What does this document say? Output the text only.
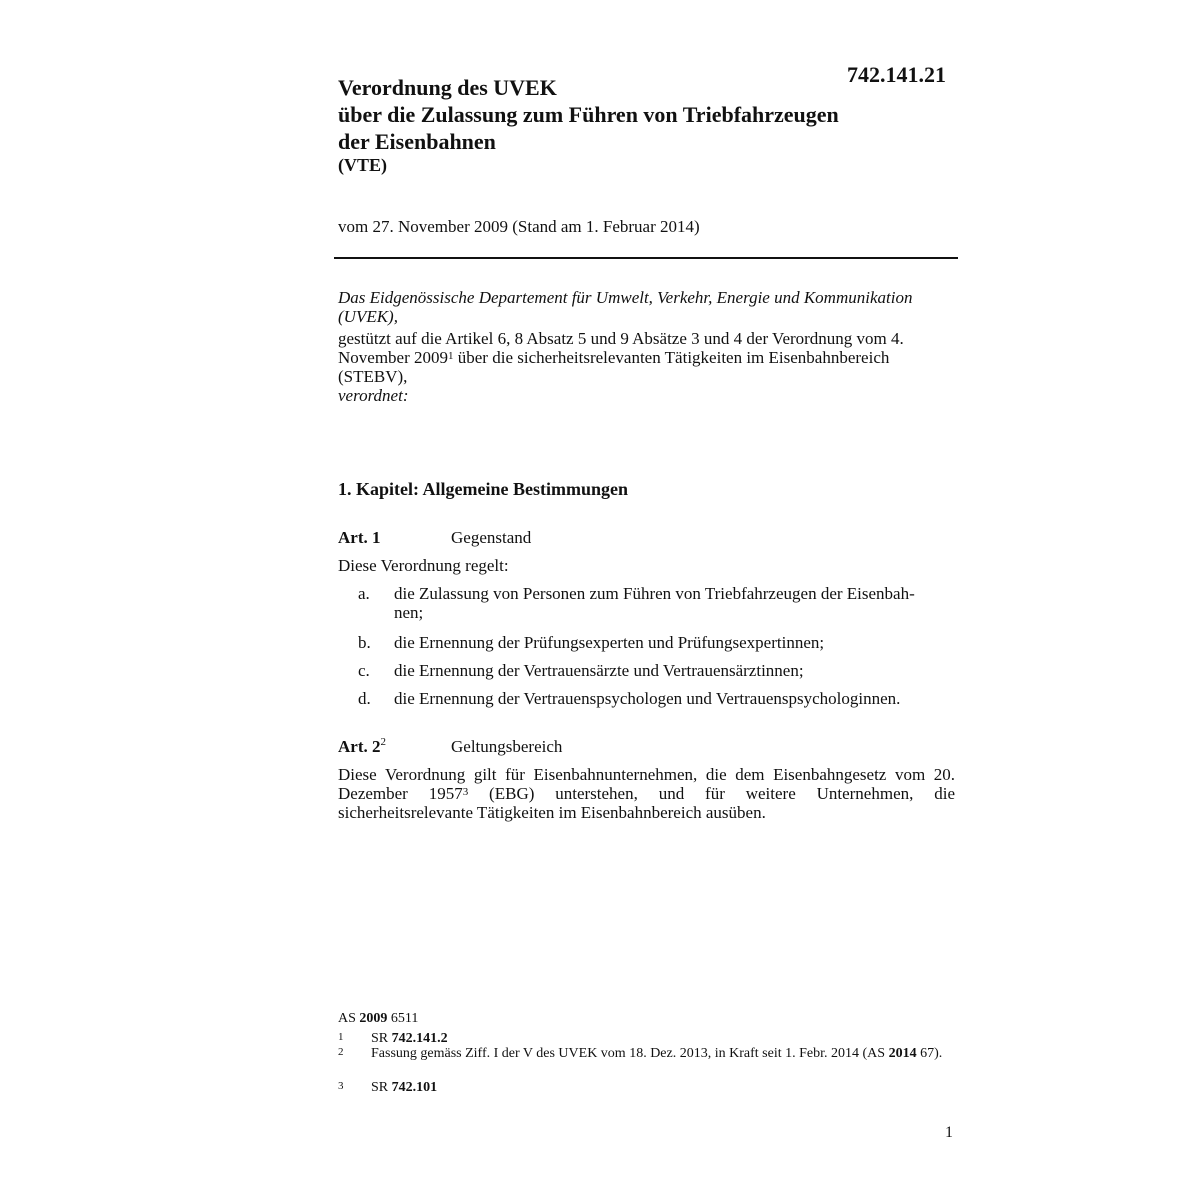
742.141.21
Verordnung des UVEK
über die Zulassung zum Führen von Triebfahrzeugen
der Eisenbahnen
(VTE)
vom 27. November 2009 (Stand am 1. Februar 2014)

Das Eidgenössische Departement für Umwelt, Verkehr, Energie und Kommunikation (UVEK),

gestützt auf die Artikel 6, 8 Absatz 5 und 9 Absätze 3 und 4 der Verordnung vom 4. November 2009$^1$ über die sicherheitsrelevanten Tätigkeiten im Eisenbahnbereich (STEBV),

verordnet:

1. Kapitel: Allgemeine Bestimmungen
Art. 1	Gegenstand
Diese Verordnung regelt:
a. die Zulassung von Personen zum Führen von Triebfahrzeugen der Eisenbah-
nen;
b. die Ernennung der Prüfungsexperten und Prüfungsexpertinnen;
c. die Ernennung der Vertrauensärzte und Vertrauensärztinnen;
d. die Ernennung der Vertrauenspsychologen und Vertrauenspsychologinnen.
Art. $2^2$	Geltungsbereich
Diese Verordnung gilt für Eisenbahnunternehmen, die dem Eisenbahngesetz vom 20. Dezember 1957$^3$ (EBG) unterstehen, und für weitere Unternehmen, die sicherheitsrelevante Tätigkeiten im Eisenbahnbereich ausüben.
AS 2009 6511
1 SR 742.141.2
2 Fassung gemäss Ziff. I der V des UVEK vom 18. Dez. 2013, in Kraft seit 1. Febr. 2014 (AS 2014 67).
3 SR 742.101
1
